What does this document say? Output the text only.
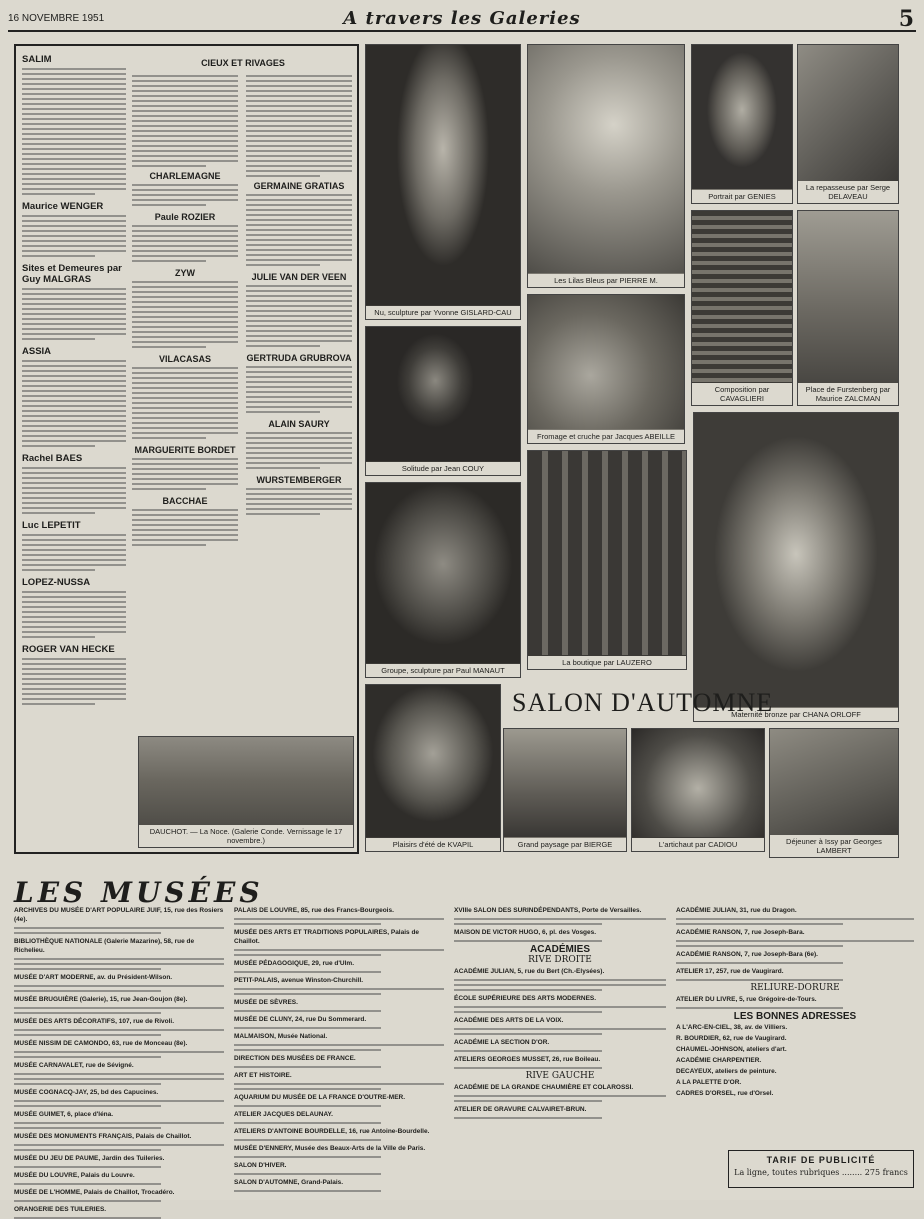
16 NOVEMBRE 1951	A travers les Galeries	5
SALIM
Maurice WENGER
Sites et Demeures par Guy MALGRAS
ASSIA
Rachel BAES
Luc LEPETIT
LOPEZ-NUSSA
ROGER VAN HECKE
CIEUX ET RIVAGES
CHARLEMAGNE
Paule ROZIER
ZYW
VILACASAS
MARGUERITE BORDET
BACCHAE
GERMAINE GRATIAS
JULIE VAN DER VEEN
GERTRUDA GRUBROVA
ALAIN SAURY
WURSTEMBERGER
DAUCHOT. — La Noce. (Galerie Conde. Vernissage le 17 novembre.)
Nu, sculpture par Yvonne GISLARD-CAU
Les Lilas Bleus par PIERRE M.
Portrait par GENIES
La repasseuse par Serge DELAVEAU
Composition par CAVAGLIERI
Place de Furstenberg par Maurice ZALCMAN
Solitude par Jean COUY
Fromage et cruche par Jacques ABEILLE
Groupe, sculpture par Paul MANAUT
La boutique par LAUZERO
Maternité bronze par CHANA ORLOFF
SALON D'AUTOMNE
Plaisirs d'été de KVAPIL	Grand paysage par BIERGE	L'artichaut par CADIOU	Déjeuner à Issy par Georges LAMBERT
LES MUSÉES
ARCHIVES DU MUSÉE D'ART POPULAIRE JUIF, 15, rue des Rosiers (4e).
BIBLIOTHÈQUE NATIONALE (Galerie Mazarine), 58, rue de Richelieu.
MUSÉE D'ART MODERNE, av. du Président-Wilson.
MUSÉE BRUGUIÈRE (Galerie), 15, rue Jean-Goujon (8e).
MUSÉE DES ARTS DÉCORATIFS, 107, rue de Rivoli.
MUSÉE NISSIM DE CAMONDO, 63, rue de Monceau (8e).
MUSÉE CARNAVALET, rue de Sévigné.
MUSÉE COGNACQ-JAY, 25, bd des Capucines.
MUSÉE GUIMET, 6, place d'Iéna.
MUSÉE DES MONUMENTS FRANÇAIS, Palais de Chaillot.
MUSÉE DU JEU DE PAUME, Jardin des Tuileries.
MUSÉE DU LOUVRE, Palais du Louvre.
MUSÉE DE L'HOMME, Palais de Chaillot, Trocadéro.
ORANGERIE DES TUILERIES.
PALAIS DE LOUVRE, 85, rue des Francs-Bourgeois.
MUSÉE DES ARTS ET TRADITIONS POPULAIRES, Palais de Chaillot.
MUSÉE PÉDAGOGIQUE, 29, rue d'Ulm.
PETIT-PALAIS, avenue Winston-Churchill.
MUSÉE DE SÈVRES.
MUSÉE DE CLUNY, 24, rue Du Sommerard.
MALMAISON, Musée National.
DIRECTION DES MUSÉES DE FRANCE.
ART ET HISTOIRE.
AQUARIUM DU MUSÉE DE LA FRANCE D'OUTRE-MER.
ATELIER JACQUES DELAUNAY.
ATELIERS D'ANTOINE BOURDELLE, 16, rue Antoine-Bourdelle.
MUSÉE D'ENNERY, Musée des Beaux-Arts de la Ville de Paris.
SALON D'HIVER.
SALON D'AUTOMNE, Grand-Palais.
XVIIIe SALON DES SURINDÉPENDANTS, Porte de Versailles.
MAISON DE VICTOR HUGO, 6, pl. des Vosges.
ACADÉMIES
RIVE DROITE
ACADÉMIE JULIAN, 5, rue du Bert (Ch.-Elysées).
ÉCOLE SUPÉRIEURE DES ARTS MODERNES.
ACADÉMIE DES ARTS DE LA VOIX.
ACADÉMIE LA SECTION D'OR.
ATELIERS GEORGES MUSSET, 26, rue Boileau.
RIVE GAUCHE
ACADÉMIE DE LA GRANDE CHAUMIÈRE ET COLAROSSI.
ATELIER DE GRAVURE CALVAIRET-BRUN.
ACADÉMIE JULIAN, 31, rue du Dragon.
ACADÉMIE RANSON, 7, rue Joseph-Bara.
ACADÉMIE RANSON, 7, rue Joseph-Bara (6e).
ATELIER 17, 257, rue de Vaugirard.
RELIURE-DORURE
ATELIER DU LIVRE, 5, rue Grégoire-de-Tours.
LES BONNES ADRESSES
A L'ARC-EN-CIEL, 38, av. de Villiers.
R. BOURDIER, 62, rue de Vaugirard.
CHAUMEL-JOHNSON, ateliers d'art.
ACADÉMIE CHARPENTIER.
DECAYEUX, ateliers de peinture.
A LA PALETTE D'OR.
CADRES D'ORSEL, rue d'Orsel.
TARIF DE PUBLICITÉ
La ligne, toutes rubriques ........ 275 francs
